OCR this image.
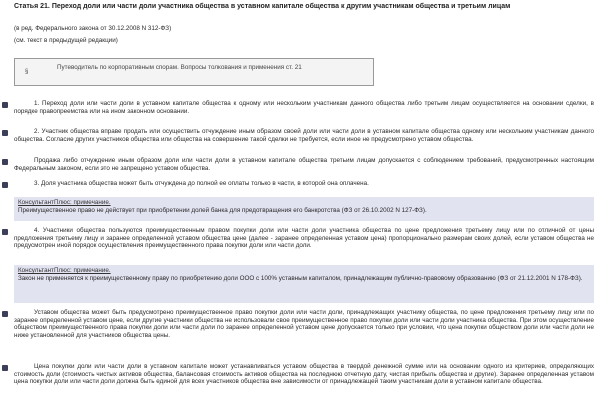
Статья 21. Переход доли или части доли участника общества в уставном капитале общества к другим участникам общества и третьим лицам
(в ред. Федерального закона от 30.12.2008 N 312-ФЗ)
(см. текст в предыдущей редакции)
§
Путеводитель по корпоративным спорам. Вопросы толкования и применения ст. 21
1. Переход доли или части доли в уставном капитале общества к одному или нескольким участникам данного общества либо третьим лицам осуществляется на основании сделки, в порядке правопреемства или на ином законном основании.
2. Участник общества вправе продать или осуществить отчуждение иным образом своей доли или части доли в уставном капитале общества одному или нескольким участникам данного общества. Согласие других участников общества или общества на совершение такой сделки не требуется, если иное не предусмотрено уставом общества.
Продажа либо отчуждение иным образом доли или части доли в уставном капитале общества третьим лицам допускается с соблюдением требований, предусмотренных настоящим Федеральным законом, если это не запрещено уставом общества.
3. Доля участника общества может быть отчуждена до полной ее оплаты только в части, в которой она оплачена.
КонсультантПлюс: примечание.
Преимущественное право не действует при приобретении долей банка для предотвращения его банкротства (ФЗ от 26.10.2002 N 127-ФЗ).
4. Участники общества пользуются преимущественным правом покупки доли или части доли участника общества по цене предложения третьему лицу или по отличной от цены предложения третьему лицу и заранее определенной уставом общества цене (далее - заранее определенная уставом цена) пропорционально размерам своих долей, если уставом общества не предусмотрен иной порядок осуществления преимущественного права покупки доли или части доли.
КонсультантПлюс: примечание.
Закон не применяется к преимущественному праву по приобретению доли ООО с 100% уставным капиталом, принадлежащим публично-правовому образованию (ФЗ от 21.12.2001 N 178-ФЗ).
Уставом общества может быть предусмотрено преимущественное право покупки доли или части доли, принадлежащих участнику общества, по цене предложения третьему лицу или по заранее определенной уставом цене, если другие участники общества не использовали свое преимущественное право покупки доли или части доли участника общества. При этом осуществление обществом преимущественного права покупки доли или части доли по заранее определенной уставом цене допускается только при условии, что цена покупки обществом доли или части доли не ниже установленной для участников общества цены.
Цена покупки доли или части доли в уставном капитале может устанавливаться уставом общества в твердой денежной сумме или на основании одного из критериев, определяющих стоимость доли (стоимость чистых активов общества, балансовая стоимость активов общества на последнюю отчетную дату, чистая прибыль общества и другие). Заранее определенная уставом цена покупки доли или части доли должна быть единой для всех участников общества вне зависимости от принадлежащей таким участникам доли в уставном капитале общества.
